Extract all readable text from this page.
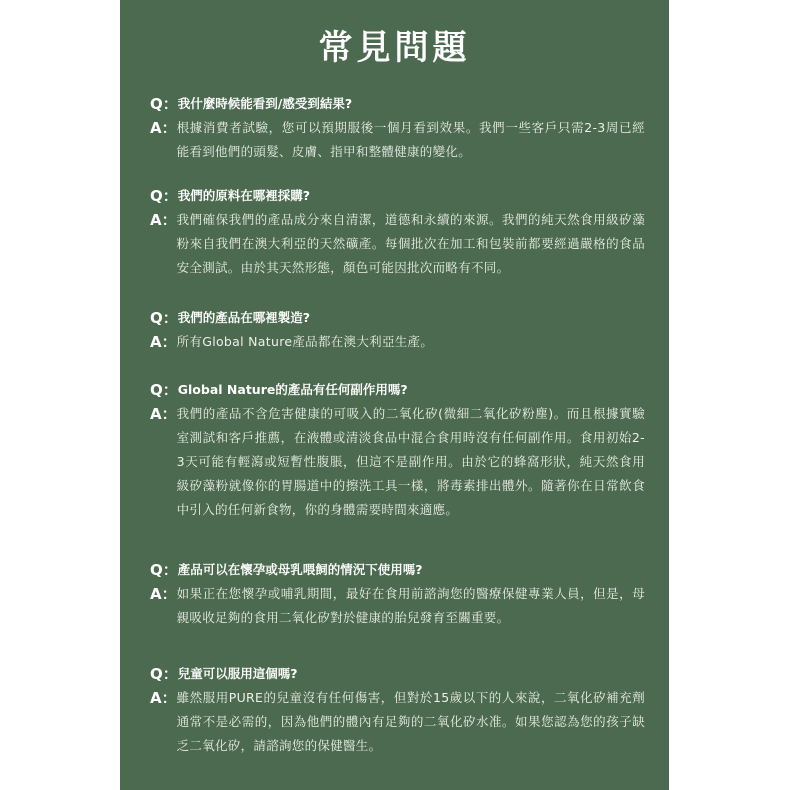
常見問題
Q： 我什麼時候能看到/感受到結果?
A： 根據消費者試驗，您可以預期服後一個月看到效果。我們一些客戶只需2-3周已經能看到他們的頭髮、皮膚、指甲和整體健康的變化。
Q： 我們的原料在哪裡採購?
A： 我們確保我們的產品成分來自清潔，道德和永續的來源。我們的純天然食用級矽藻粉來自我們在澳大利亞的天然礦產。每個批次在加工和包裝前都要經過嚴格的食品安全測試。由於其天然形態，顏色可能因批次而略有不同。
Q： 我們的產品在哪裡製造?
A： 所有Global Nature產品都在澳大利亞生產。
Q： Global Nature的產品有任何副作用嗎?
A： 我們的產品不含危害健康的可吸入的二氧化矽(微細二氧化矽粉塵)。而且根據實驗室測試和客戶推薦，在液體或清淡食品中混合食用時沒有任何副作用。食用初始2-3天可能有輕瀉或短暫性腹脹，但這不是副作用。由於它的蜂窩形狀，純天然食用級矽藻粉就像你的胃腸道中的擦洗工具一樣，將毒素排出體外。隨著你在日常飲食中引入的任何新食物，你的身體需要時間來適應。
Q： 產品可以在懷孕或母乳喂飼的情況下使用嗎?
A： 如果正在您懷孕或哺乳期間，最好在食用前諮詢您的醫療保健專業人員，但是，母親吸收足夠的食用二氧化矽對於健康的胎兒發育至關重要。
Q： 兒童可以服用這個嗎?
A： 雖然服用PURE的兒童沒有任何傷害，但對於15歲以下的人來說，二氧化矽補充劑通常不是必需的，因為他們的體內有足夠的二氧化矽水准。如果您認為您的孩子缺乏二氧化矽，請諮詢您的保健醫生。
